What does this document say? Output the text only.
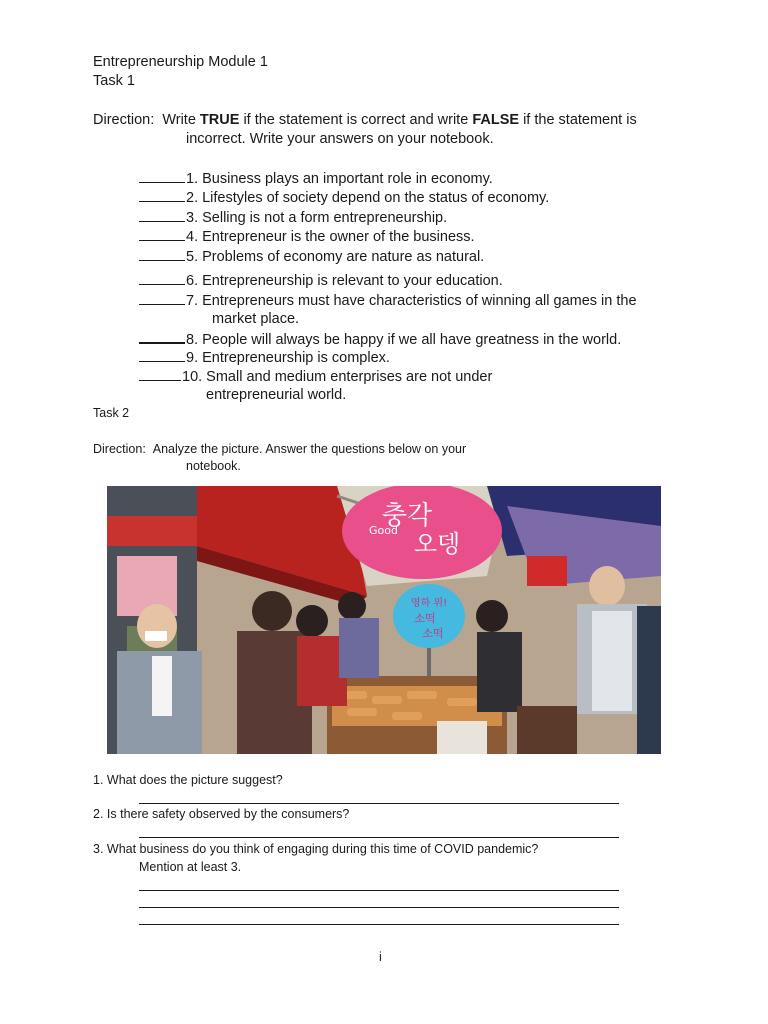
Entrepreneurship Module 1
Task 1
Direction: Write TRUE if the statement is correct and write FALSE if the statement is
incorrect. Write your answers on your notebook.
1. Business plays an important role in economy.
2. Lifestyles of society depend on the status of economy.
3. Selling is not a form entrepreneurship.
4. Entrepreneur is the owner of the business.
5. Problems of economy are nature as natural.
6. Entrepreneurship is relevant to your education.
7. Entrepreneurs must have characteristics of winning all games in the
market place.
8. People will always be happy if we all have greatness in the world.
9. Entrepreneurship is complex.
10. Small and medium enterprises are not under
entrepreneurial world.
Task 2
Direction: Analyze the picture. Answer the questions below on your
notebook.
충각
오뎅
Good
영하 위!
소떡
소떡
1. What does the picture suggest?
2. Is there safety observed by the consumers?
3. What business do you think of engaging during this time of COVID pandemic?
Mention at least 3.
i
